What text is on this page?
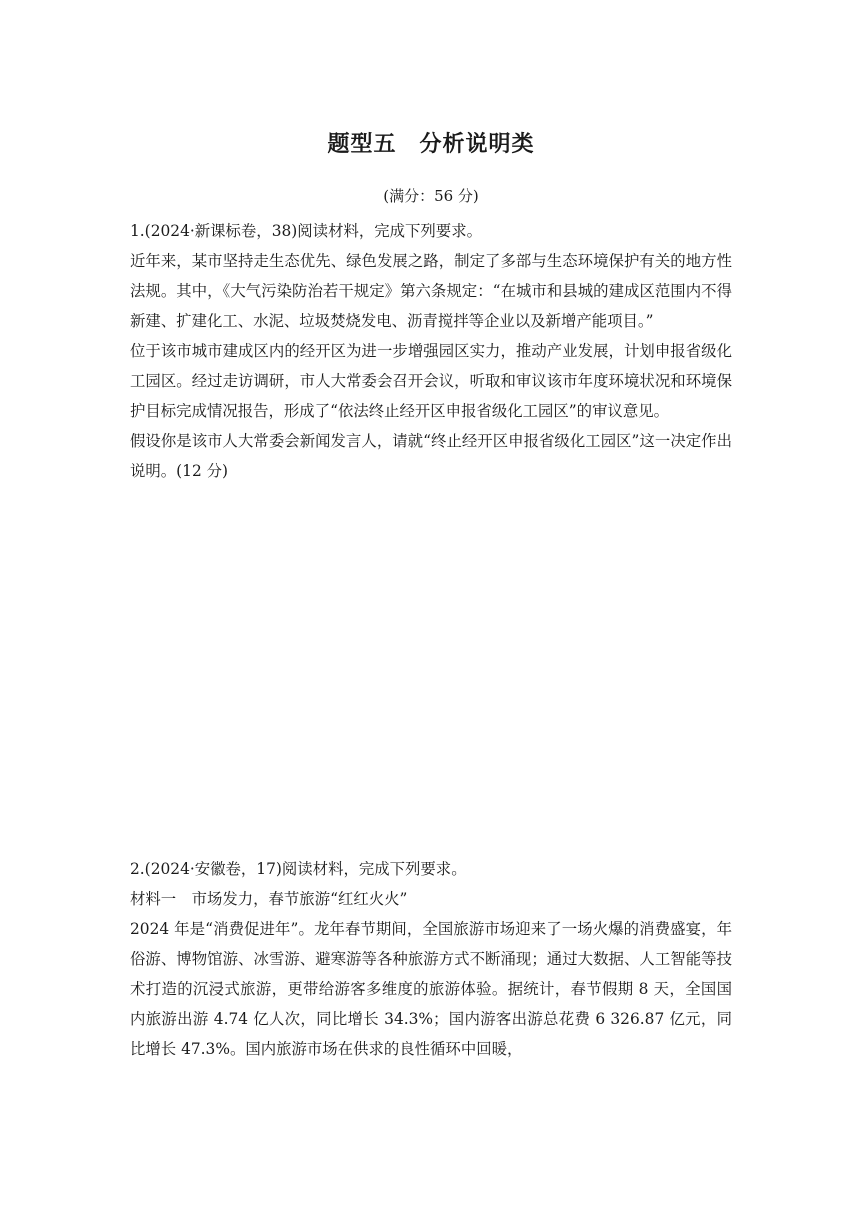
题型五　分析说明类
(满分：56 分)

1.(2024·新课标卷，38)阅读材料，完成下列要求。

近年来，某市坚持走生态优先、绿色发展之路，制定了多部与生态环境保护有关的地方性法规。其中，《大气污染防治若干规定》第六条规定：“在城市和县城的建成区范围内不得新建、扩建化工、水泥、垃圾焚烧发电、沥青搅拌等企业以及新增产能项目。”

位于该市城市建成区内的经开区为进一步增强园区实力，推动产业发展，计划申报省级化工园区。经过走访调研，市人大常委会召开会议，听取和审议该市年度环境状况和环境保护目标完成情况报告，形成了“依法终止经开区申报省级化工园区”的审议意见。

假设你是该市人大常委会新闻发言人，请就“终止经开区申报省级化工园区”这一决定作出说明。(12 分)

2.(2024·安徽卷，17)阅读材料，完成下列要求。

材料一　市场发力，春节旅游“红红火火”

2024 年是“消费促进年”。龙年春节期间，全国旅游市场迎来了一场火爆的消费盛宴，年俗游、博物馆游、冰雪游、避寒游等各种旅游方式不断涌现；通过大数据、人工智能等技术打造的沉浸式旅游，更带给游客多维度的旅游体验。据统计，春节假期 8 天，全国国内旅游出游 4.74 亿人次，同比增长 34.3%；国内游客出游总花费 6 326.87 亿元，同比增长 47.3%。国内旅游市场在供求的良性循环中回暖，
